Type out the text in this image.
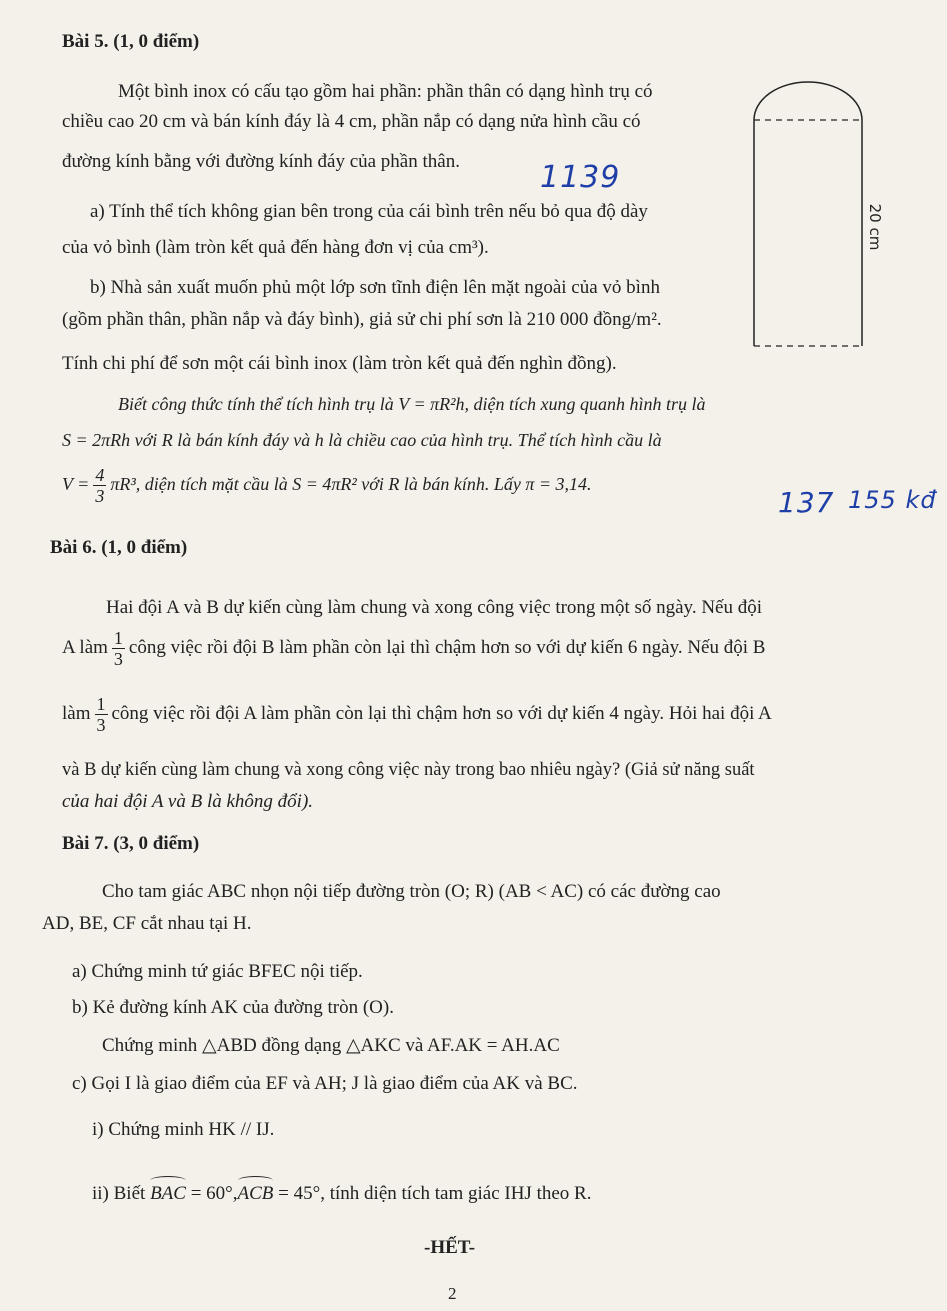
Bài 5. (1, 0 điểm)
Một bình inox có cấu tạo gồm hai phần: phần thân có dạng hình trụ có
chiều cao 20 cm và bán kính đáy là 4 cm, phần nắp có dạng nửa hình cầu có
đường kính bằng với đường kính đáy của phần thân.
a) Tính thể tích không gian bên trong của cái bình trên nếu bỏ qua độ dày
của vỏ bình (làm tròn kết quả đến hàng đơn vị của cm³).
b) Nhà sản xuất muốn phủ một lớp sơn tĩnh điện lên mặt ngoài của vỏ bình
(gồm phần thân, phần nắp và đáy bình), giả sử chi phí sơn là 210 000 đồng/m².
Tính chi phí để sơn một cái bình inox (làm tròn kết quả đến nghìn đồng).
Biết công thức tính thể tích hình trụ là V = πR²h, diện tích xung quanh hình trụ là
S = 2πRh với R là bán kính đáy và h là chiều cao của hình trụ. Thể tích hình cầu là
$V = \frac{4}{3} \pi R^3$, diện tích mặt cầu là S = 4πR² với R là bán kính. Lấy π = 3,14.
20 cm
1139
137 155 kđ
Bài 6. (1, 0 điểm)
Hai đội A và B dự kiến cùng làm chung và xong công việc trong một số ngày. Nếu đội
A làm $\frac{1}{3}$ công việc rồi đội B làm phần còn lại thì chậm hơn so với dự kiến 6 ngày. Nếu đội B
làm $\frac{1}{3}$ công việc rồi đội A làm phần còn lại thì chậm hơn so với dự kiến 4 ngày. Hỏi hai đội A
và B dự kiến cùng làm chung và xong công việc này trong bao nhiêu ngày? (Giả sử năng suất
của hai đội A và B là không đổi).
Bài 7. (3, 0 điểm)
Cho tam giác ABC nhọn nội tiếp đường tròn (O; R) (AB < AC) có các đường cao
AD, BE, CF cắt nhau tại H.
a) Chứng minh tứ giác BFEC nội tiếp.
b) Kẻ đường kính AK của đường tròn (O).
Chứng minh △ABD đồng dạng △AKC và AF.AK = AH.AC
c) Gọi I là giao điểm của EF và AH; J là giao điểm của AK và BC.
i) Chứng minh HK // IJ.
ii) Biết BAC = 60°,ACB = 45°, tính diện tích tam giác IHJ theo R.
-HẾT-
2
